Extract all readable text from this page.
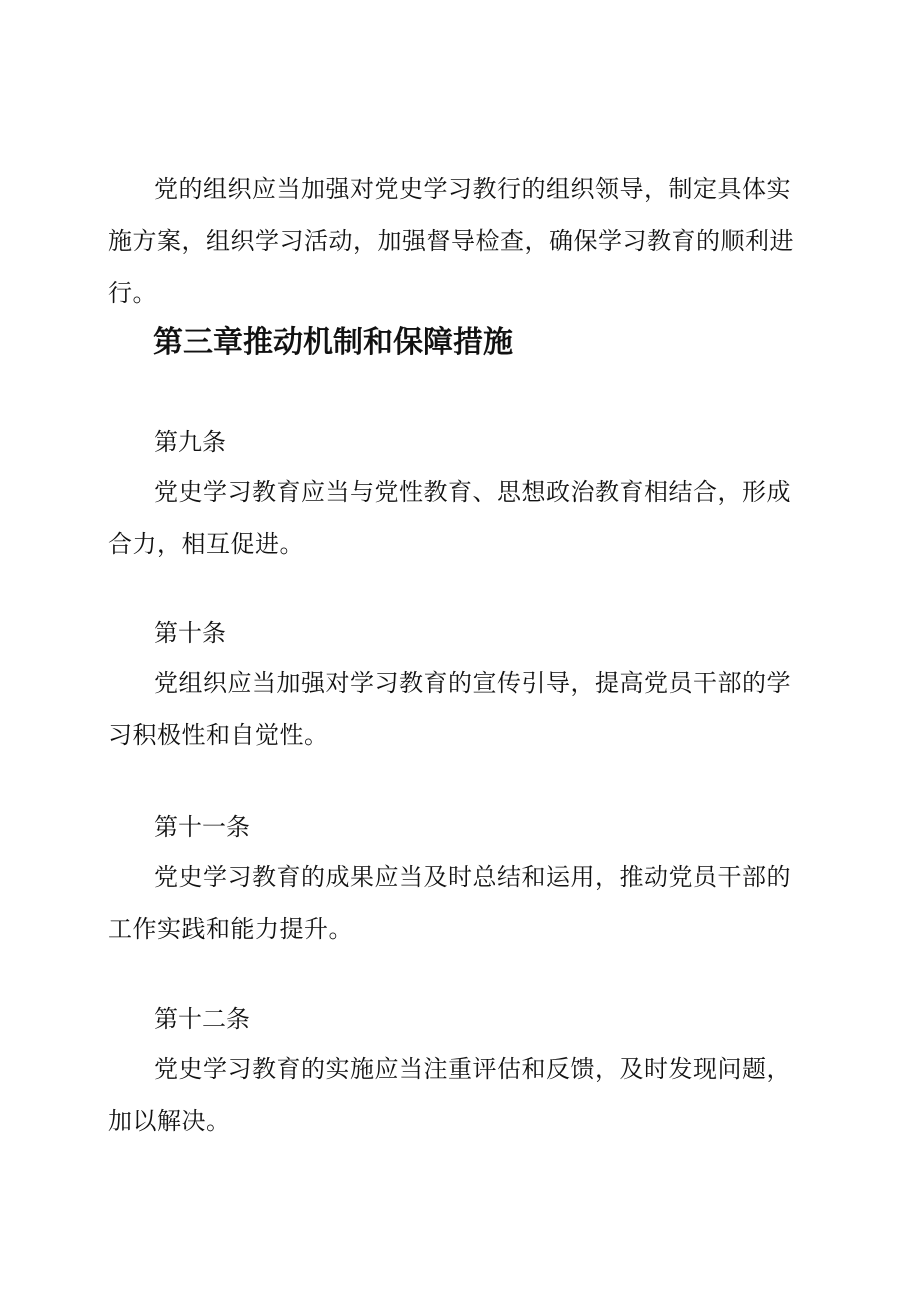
党的组织应当加强对党史学习教行的组织领导，制定具体实施方案，组织学习活动，加强督导检查，确保学习教育的顺利进行。

第三章推动机制和保障措施
第九条

党史学习教育应当与党性教育、思想政治教育相结合，形成合力，相互促进。

第十条

党组织应当加强对学习教育的宣传引导，提高党员干部的学习积极性和自觉性。

第十一条

党史学习教育的成果应当及时总结和运用，推动党员干部的工作实践和能力提升。

第十二条

党史学习教育的实施应当注重评估和反馈，及时发现问题，加以解决。
